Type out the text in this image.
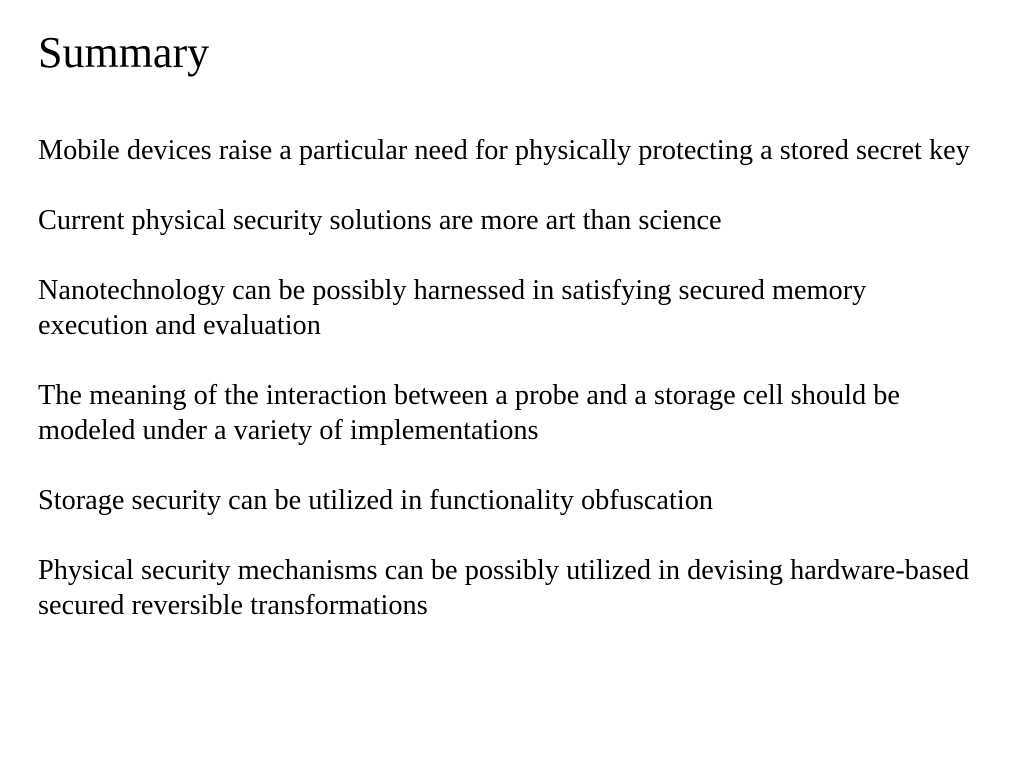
Summary
Mobile devices raise a particular need for physically protecting a stored secret key
Current physical security solutions are more art than science
Nanotechnology can be possibly harnessed in satisfying secured memory execution and evaluation
The meaning of the interaction between a probe and a storage cell should be modeled under a variety of implementations
Storage security can be utilized in functionality obfuscation
Physical security mechanisms can be possibly utilized in devising hardware-based secured reversible transformations
